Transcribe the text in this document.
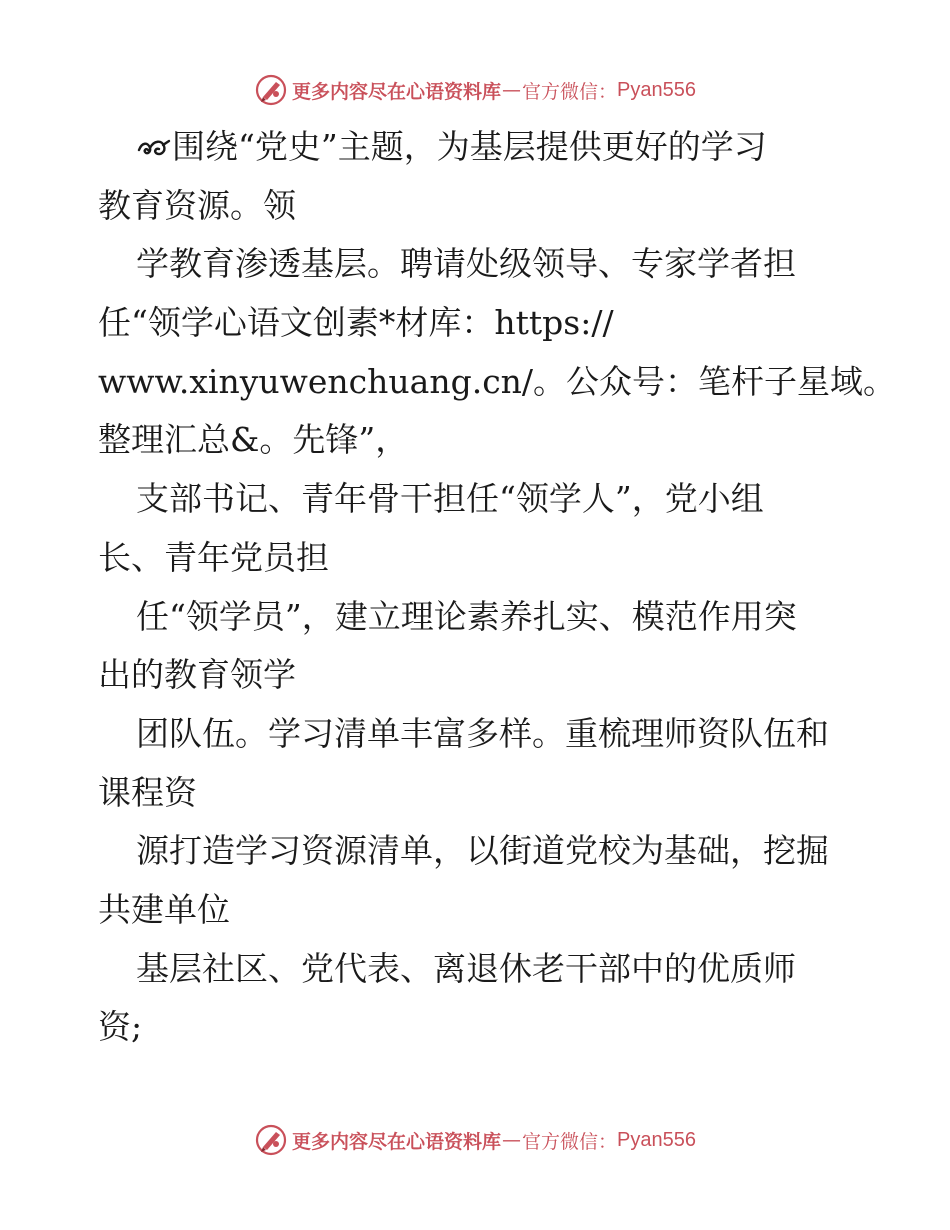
更多内容尽在心语资料库 — 官方微信： Pyan556
围绕“党史”主题，为基层提供更好的学习
教育资源。领
学教育渗透基层。聘请处级领导、专家学者担
任“领学心语文创素*材库：https://
www.xinyuwenchuang.cn/。公众号：笔杆子星域。
整理汇总&。先锋”，
支部书记、青年骨干担任“领学人”，党小组
长、青年党员担
任“领学员”，建立理论素养扎实、模范作用突
出的教育领学
团队伍。学习清单丰富多样。重梳理师资队伍和
课程资
源打造学习资源清单，以街道党校为基础，挖掘
共建单位
基层社区、党代表、离退休老干部中的优质师
资;
更多内容尽在心语资料库 — 官方微信： Pyan556
